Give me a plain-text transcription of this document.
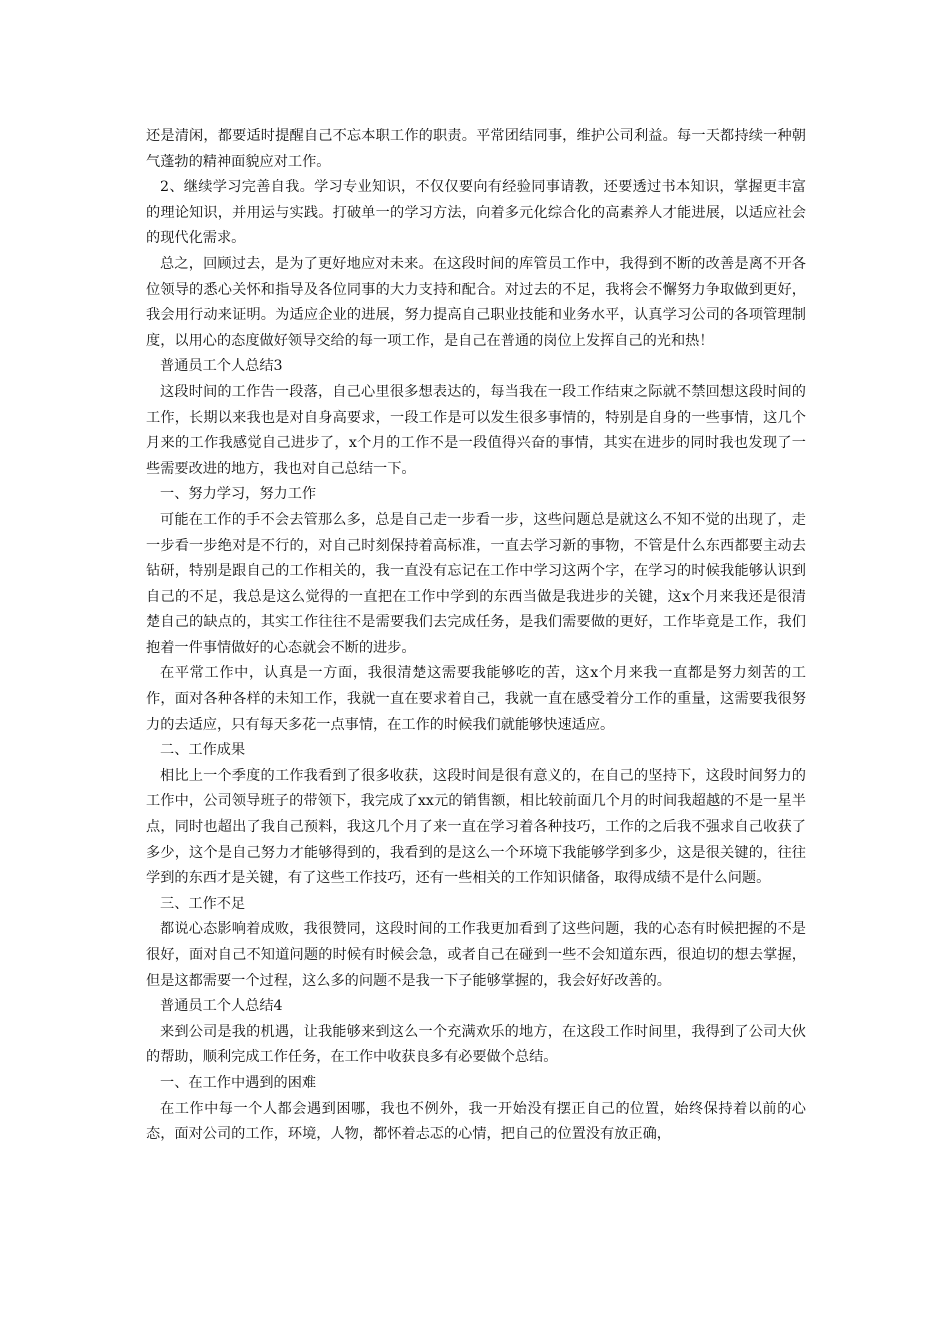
还是清闲，都要适时提醒自己不忘本职工作的职责。平常团结同事，维护公司利益。每一天都持续一种朝气蓬勃的精神面貌应对工作。

2、继续学习完善自我。学习专业知识，不仅仅要向有经验同事请教，还要透过书本知识，掌握更丰富的理论知识，并用运与实践。打破单一的学习方法，向着多元化综合化的高素养人才能进展，以适应社会的现代化需求。

总之，回顾过去，是为了更好地应对未来。在这段时间的库管员工作中，我得到不断的改善是离不开各位领导的悉心关怀和指导及各位同事的大力支持和配合。对过去的不足，我将会不懈努力争取做到更好，我会用行动来证明。为适应企业的进展，努力提高自己职业技能和业务水平，认真学习公司的各项管理制度，以用心的态度做好领导交给的每一项工作，是自己在普通的岗位上发挥自己的光和热！

普通员工个人总结3

这段时间的工作告一段落，自己心里很多想表达的，每当我在一段工作结束之际就不禁回想这段时间的工作，长期以来我也是对自身高要求，一段工作是可以发生很多事情的，特别是自身的一些事情，这几个月来的工作我感觉自己进步了，x个月的工作不是一段值得兴奋的事情，其实在进步的同时我也发现了一些需要改进的地方，我也对自己总结一下。

一、努力学习，努力工作

可能在工作的手不会去管那么多，总是自己走一步看一步，这些问题总是就这么不知不觉的出现了，走一步看一步绝对是不行的，对自己时刻保持着高标准，一直去学习新的事物，不管是什么东西都要主动去钻研，特别是跟自己的工作相关的，我一直没有忘记在工作中学习这两个字，在学习的时候我能够认识到自己的不足，我总是这么觉得的一直把在工作中学到的东西当做是我进步的关键，这x个月来我还是很清楚自己的缺点的，其实工作往往不是需要我们去完成任务，是我们需要做的更好，工作毕竟是工作，我们抱着一件事情做好的心态就会不断的进步。

在平常工作中，认真是一方面，我很清楚这需要我能够吃的苦，这x个月来我一直都是努力刻苦的工作，面对各种各样的未知工作，我就一直在要求着自己，我就一直在感受着分工作的重量，这需要我很努力的去适应，只有每天多花一点事情，在工作的时候我们就能够快速适应。

二、工作成果

相比上一个季度的工作我看到了很多收获，这段时间是很有意义的，在自己的坚持下，这段时间努力的工作中，公司领导班子的带领下，我完成了xx元的销售额，相比较前面几个月的时间我超越的不是一星半点，同时也超出了我自己预料，我这几个月了来一直在学习着各种技巧，工作的之后我不强求自己收获了多少，这个是自己努力才能够得到的，我看到的是这么一个环境下我能够学到多少，这是很关键的，往往学到的东西才是关键，有了这些工作技巧，还有一些相关的工作知识储备，取得成绩不是什么问题。

三、工作不足

都说心态影响着成败，我很赞同，这段时间的工作我更加看到了这些问题，我的心态有时候把握的不是很好，面对自己不知道问题的时候有时候会急，或者自己在碰到一些不会知道东西，很迫切的想去掌握，但是这都需要一个过程，这么多的问题不是我一下子能够掌握的，我会好好改善的。

普通员工个人总结4

来到公司是我的机遇，让我能够来到这么一个充满欢乐的地方，在这段工作时间里，我得到了公司大伙的帮助，顺利完成工作任务，在工作中收获良多有必要做个总结。

一、在工作中遇到的困难

在工作中每一个人都会遇到困哪，我也不例外，我一开始没有摆正自己的位置，始终保持着以前的心态，面对公司的工作，环境，人物，都怀着忐忑的心情，把自己的位置没有放正确，
